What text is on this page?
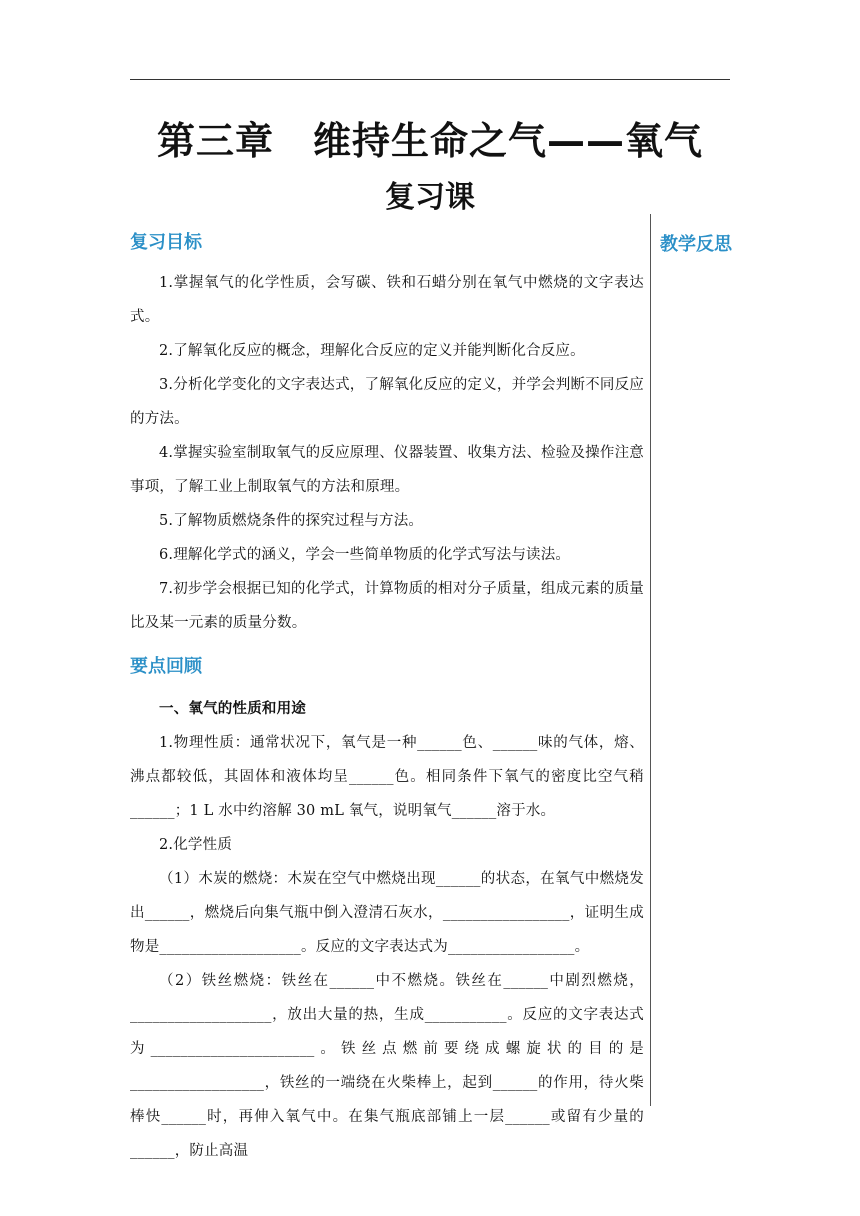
第三章　维持生命之气——氧气
复习课
教学反思
复习目标

1.掌握氧气的化学性质，会写碳、铁和石蜡分别在氧气中燃烧的文字表达式。

2.了解氧化反应的概念，理解化合反应的定义并能判断化合反应。

3.分析化学变化的文字表达式，了解氧化反应的定义，并学会判断不同反应的方法。

4.掌握实验室制取氧气的反应原理、仪器装置、收集方法、检验及操作注意事项，了解工业上制取氧气的方法和原理。

5.了解物质燃烧条件的探究过程与方法。

6.理解化学式的涵义，学会一些简单物质的化学式写法与读法。

7.初步学会根据已知的化学式，计算物质的相对分子质量，组成元素的质量比及某一元素的质量分数。

要点回顾

一、氧气的性质和用途

1.物理性质：通常状况下，氧气是一种______色、______味的气体，熔、沸点都较低，其固体和液体均呈______色。相同条件下氧气的密度比空气稍______；1 L 水中约溶解 30 mL 氧气，说明氧气______溶于水。

2.化学性质

（1）木炭的燃烧：木炭在空气中燃烧出现______的状态，在氧气中燃烧发出______，燃烧后向集气瓶中倒入澄清石灰水，_________________，证明生成物是___________________。反应的文字表达式为_________________。

（2）铁丝燃烧：铁丝在______中不燃烧。铁丝在______中剧烈燃烧，___________________，放出大量的热，生成___________。反应的文字表达式为______________________。铁丝点燃前要绕成螺旋状的目的是__________________，铁丝的一端绕在火柴棒上，起到______的作用，待火柴棒快______时，再伸入氧气中。在集气瓶底部铺上一层______或留有少量的______，防止高温
